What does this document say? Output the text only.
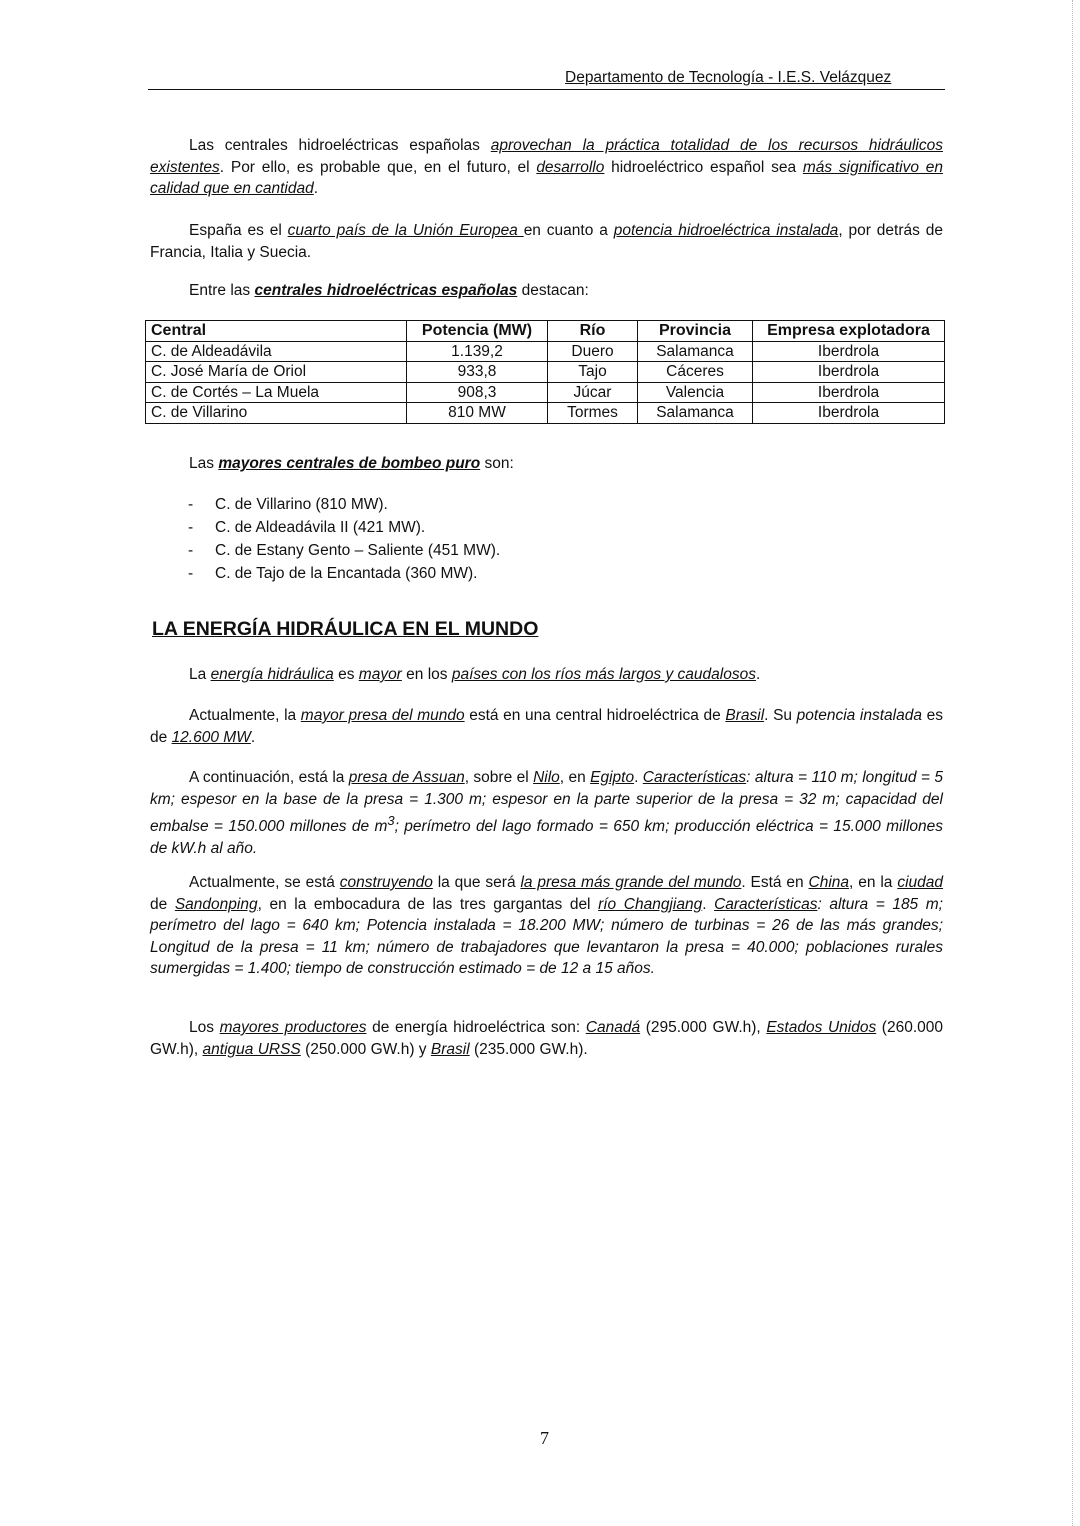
Departamento de Tecnología - I.E.S. Velázquez
Las centrales hidroeléctricas españolas aprovechan la práctica totalidad de los recursos hidráulicos existentes. Por ello, es probable que, en el futuro, el desarrollo hidroeléctrico español sea más significativo en calidad que en cantidad.
España es el cuarto país de la Unión Europea en cuanto a potencia hidroeléctrica instalada, por detrás de Francia, Italia y Suecia.
Entre las centrales hidroeléctricas españolas destacan:
Central	Potencia (MW)	Río	Provincia	Empresa explotadora
C. de Aldeadávila	1.139,2	Duero	Salamanca	Iberdrola
C. José María de Oriol	933,8	Tajo	Cáceres	Iberdrola
C. de Cortés – La Muela	908,3	Júcar	Valencia	Iberdrola
C. de Villarino	810 MW	Tormes	Salamanca	Iberdrola
Las mayores centrales de bombeo puro son:
- C. de Villarino (810 MW).
- C. de Aldeadávila II (421 MW).
- C. de Estany Gento – Saliente (451 MW).
- C. de Tajo de la Encantada (360 MW).
LA ENERGÍA HIDRÁULICA EN EL MUNDO
La energía hidráulica es mayor en los países con los ríos más largos y caudalosos.
Actualmente, la mayor presa del mundo está en una central hidroeléctrica de Brasil. Su potencia instalada es de 12.600 MW.
A continuación, está la presa de Assuan, sobre el Nilo, en Egipto. Características: altura = 110 m; longitud = 5 km; espesor en la base de la presa = 1.300 m; espesor en la parte superior de la presa = 32 m; capacidad del embalse = 150.000 millones de $m^3$; perímetro del lago formado = 650 km; producción eléctrica = 15.000 millones de kW.h al año.
Actualmente, se está construyendo la que será la presa más grande del mundo. Está en China, en la ciudad de Sandonping, en la embocadura de las tres gargantas del río Changjiang. Características: altura = 185 m; perímetro del lago = 640 km; Potencia instalada = 18.200 MW; número de turbinas = 26 de las más grandes; Longitud de la presa = 11 km; número de trabajadores que levantaron la presa = 40.000; poblaciones rurales sumergidas = 1.400; tiempo de construcción estimado = de 12 a 15 años.
Los mayores productores de energía hidroeléctrica son: Canadá (295.000 GW.h), Estados Unidos (260.000 GW.h), antigua URSS (250.000 GW.h) y Brasil (235.000 GW.h).
7
